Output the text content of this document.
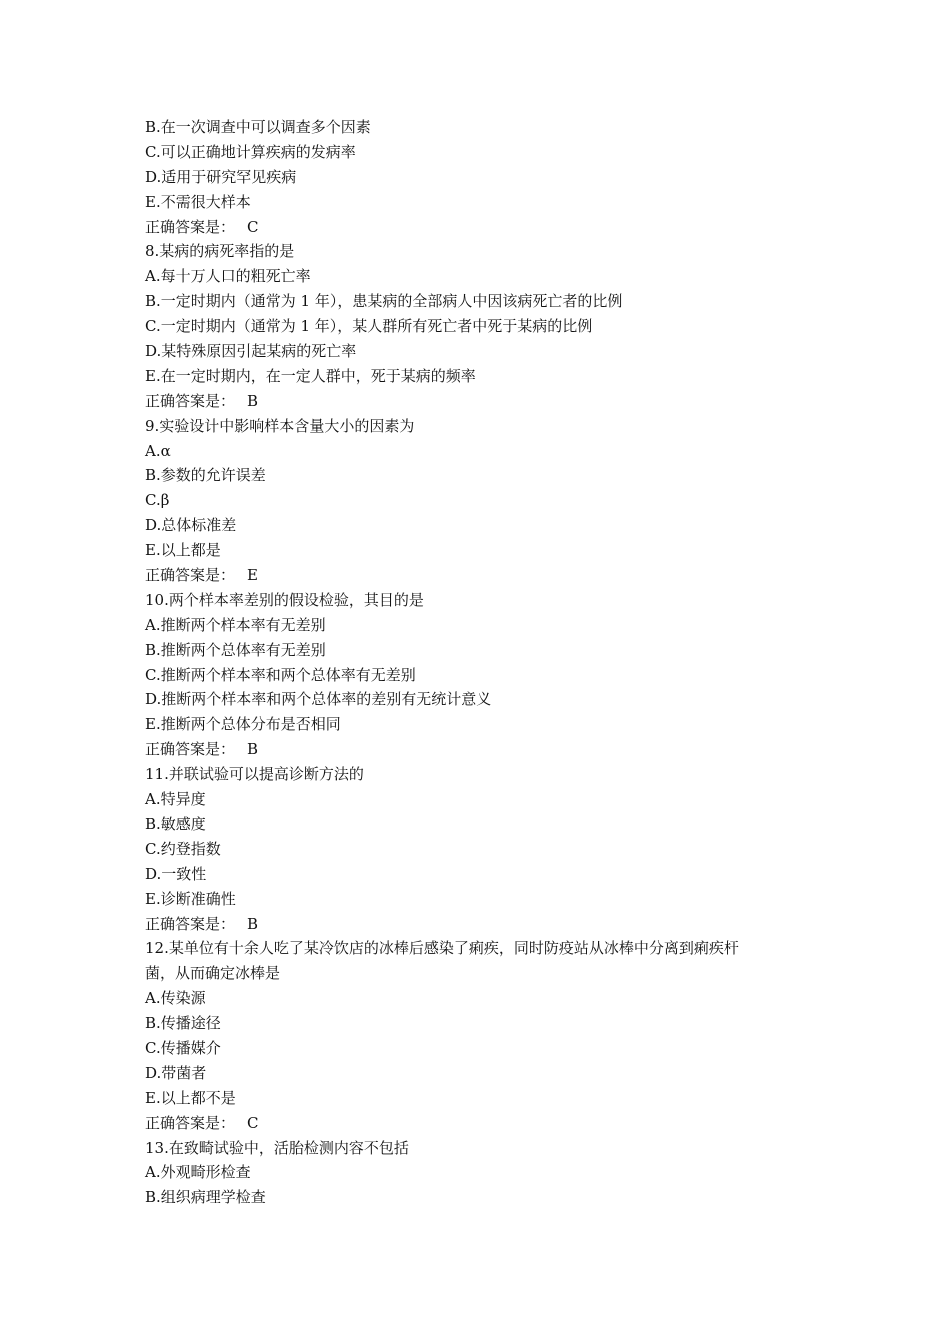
B.在一次调查中可以调查多个因素
C.可以正确地计算疾病的发病率
D.适用于研究罕见疾病
E.不需很大样本
正确答案是： C
8.某病的病死率指的是
A.每十万人口的粗死亡率
B.一定时期内（通常为 1 年），患某病的全部病人中因该病死亡者的比例
C.一定时期内（通常为 1 年），某人群所有死亡者中死于某病的比例
D.某特殊原因引起某病的死亡率
E.在一定时期内，在一定人群中，死于某病的频率
正确答案是： B
9.实验设计中影响样本含量大小的因素为
A.α
B.参数的允许误差
C.β
D.总体标准差
E.以上都是
正确答案是： E
10.两个样本率差别的假设检验，其目的是
A.推断两个样本率有无差别
B.推断两个总体率有无差别
C.推断两个样本率和两个总体率有无差别
D.推断两个样本率和两个总体率的差别有无统计意义
E.推断两个总体分布是否相同
正确答案是： B
11.并联试验可以提高诊断方法的
A.特异度
B.敏感度
C.约登指数
D.一致性
E.诊断准确性
正确答案是： B
12.某单位有十余人吃了某冷饮店的冰棒后感染了痢疾，同时防疫站从冰棒中分离到痢疾杆
菌，从而确定冰棒是
A.传染源
B.传播途径
C.传播媒介
D.带菌者
E.以上都不是
正确答案是： C
13.在致畸试验中，活胎检测内容不包括
A.外观畸形检查
B.组织病理学检查
